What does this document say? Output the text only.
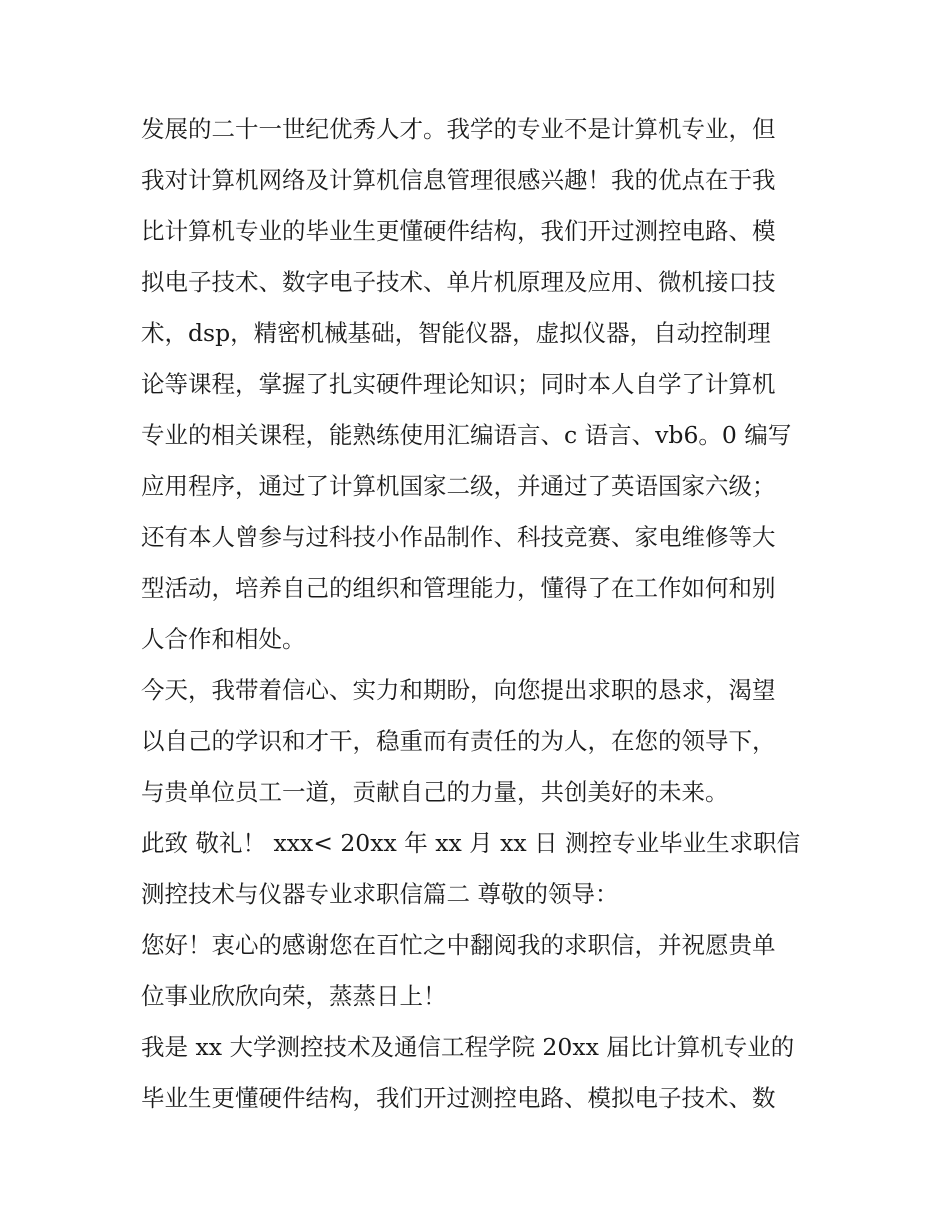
发展的二十一世纪优秀人才。我学的专业不是计算机专业，但
我对计算机网络及计算机信息管理很感兴趣！我的优点在于我
比计算机专业的毕业生更懂硬件结构，我们开过测控电路、模
拟电子技术、数字电子技术、单片机原理及应用、微机接口技
术，dsp，精密机械基础，智能仪器，虚拟仪器，自动控制理
论等课程，掌握了扎实硬件理论知识；同时本人自学了计算机
专业的相关课程，能熟练使用汇编语言、c 语言、vb6。0 编写
应用程序，通过了计算机国家二级，并通过了英语国家六级；
还有本人曾参与过科技小作品制作、科技竞赛、家电维修等大
型活动，培养自己的组织和管理能力，懂得了在工作如何和别
人合作和相处。
今天，我带着信心、实力和期盼，向您提出求职的恳求，渴望
以自己的学识和才干，稳重而有责任的为人，在您的领导下，
与贵单位员工一道，贡献自己的力量，共创美好的未来。
此致 敬礼！ xxx< 20xx 年 xx 月 xx 日 测控专业毕业生求职信
测控技术与仪器专业求职信篇二 尊敬的领导：
您好！衷心的感谢您在百忙之中翻阅我的求职信，并祝愿贵单
位事业欣欣向荣，蒸蒸日上！
我是 xx 大学测控技术及通信工程学院 20xx 届比计算机专业的
毕业生更懂硬件结构，我们开过测控电路、模拟电子技术、数
